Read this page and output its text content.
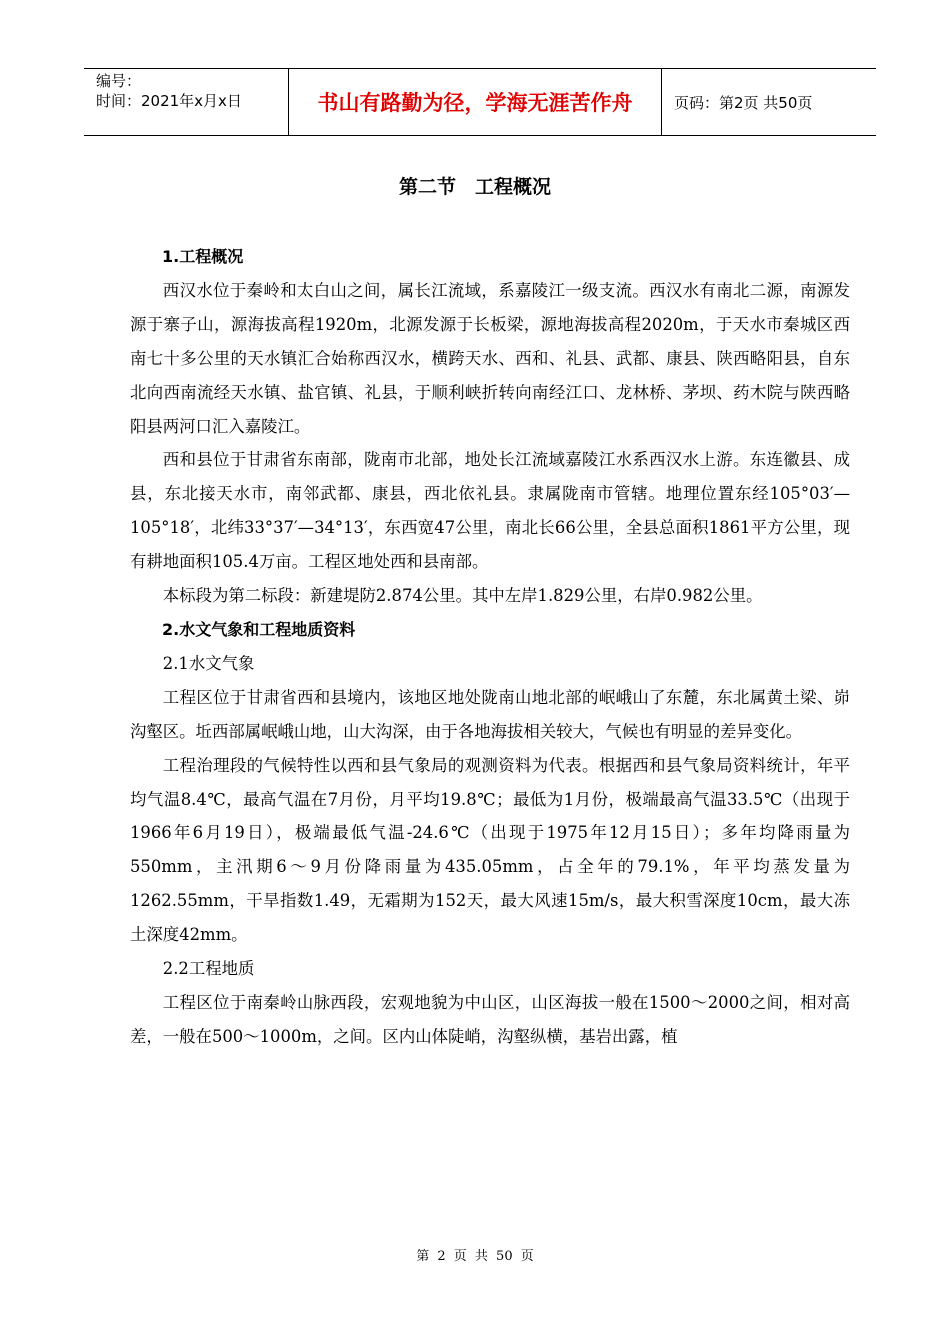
编号：
时间：2021年x月x日	书山有路勤为径，学海无涯苦作舟	页码：第2页 共50页
第二节　工程概况

1.工程概况

西汉水位于秦岭和太白山之间，属长江流域，系嘉陵江一级支流。西汉水有南北二源，南源发源于寨子山，源海拔高程1920m，北源发源于长板梁，源地海拔高程2020m，于天水市秦城区西南七十多公里的天水镇汇合始称西汉水，横跨天水、西和、礼县、武都、康县、陕西略阳县，自东北向西南流经天水镇、盐官镇、礼县，于顺利峡折转向南经江口、龙林桥、茅坝、药木院与陕西略阳县两河口汇入嘉陵江。

西和县位于甘肃省东南部，陇南市北部，地处长江流域嘉陵江水系西汉水上游。东连徽县、成县，东北接天水市，南邻武都、康县，西北依礼县。隶属陇南市管辖。地理位置东经105°03′—105°18′，北纬33°37′—34°13′，东西宽47公里，南北长66公里，全县总面积1861平方公里，现有耕地面积105.4万亩。工程区地处西和县南部。

本标段为第二标段：新建堤防2.874公里。其中左岸1.829公里，右岸0.982公里。

2.水文气象和工程地质资料

2.1水文气象

工程区位于甘肃省西和县境内，该地区地处陇南山地北部的岷峨山了东麓，东北属黄土梁、峁沟壑区。坵西部属岷峨山地，山大沟深，由于各地海拔相关较大，气候也有明显的差异变化。

工程治理段的气候特性以西和县气象局的观测资料为代表。根据西和县气象局资料统计，年平均气温8.4℃，最高气温在7月份，月平均19.8℃；最低为1月份，极端最高气温33.5℃（出现于1966年6月19日），极端最低气温-24.6℃（出现于1975年12月15日）；多年均降雨量为550mm，主汛期6～9月份降雨量为435.05mm，占全年的79.1%，年平均蒸发量为1262.55mm，干旱指数1.49，无霜期为152天，最大风速15m/s，最大积雪深度10cm，最大冻土深度42mm。

2.2工程地质

工程区位于南秦岭山脉西段，宏观地貌为中山区，山区海拔一般在1500～2000之间，相对高差，一般在500～1000m，之间。区内山体陡峭，沟壑纵横，基岩出露，植

第 2 页 共 50 页
